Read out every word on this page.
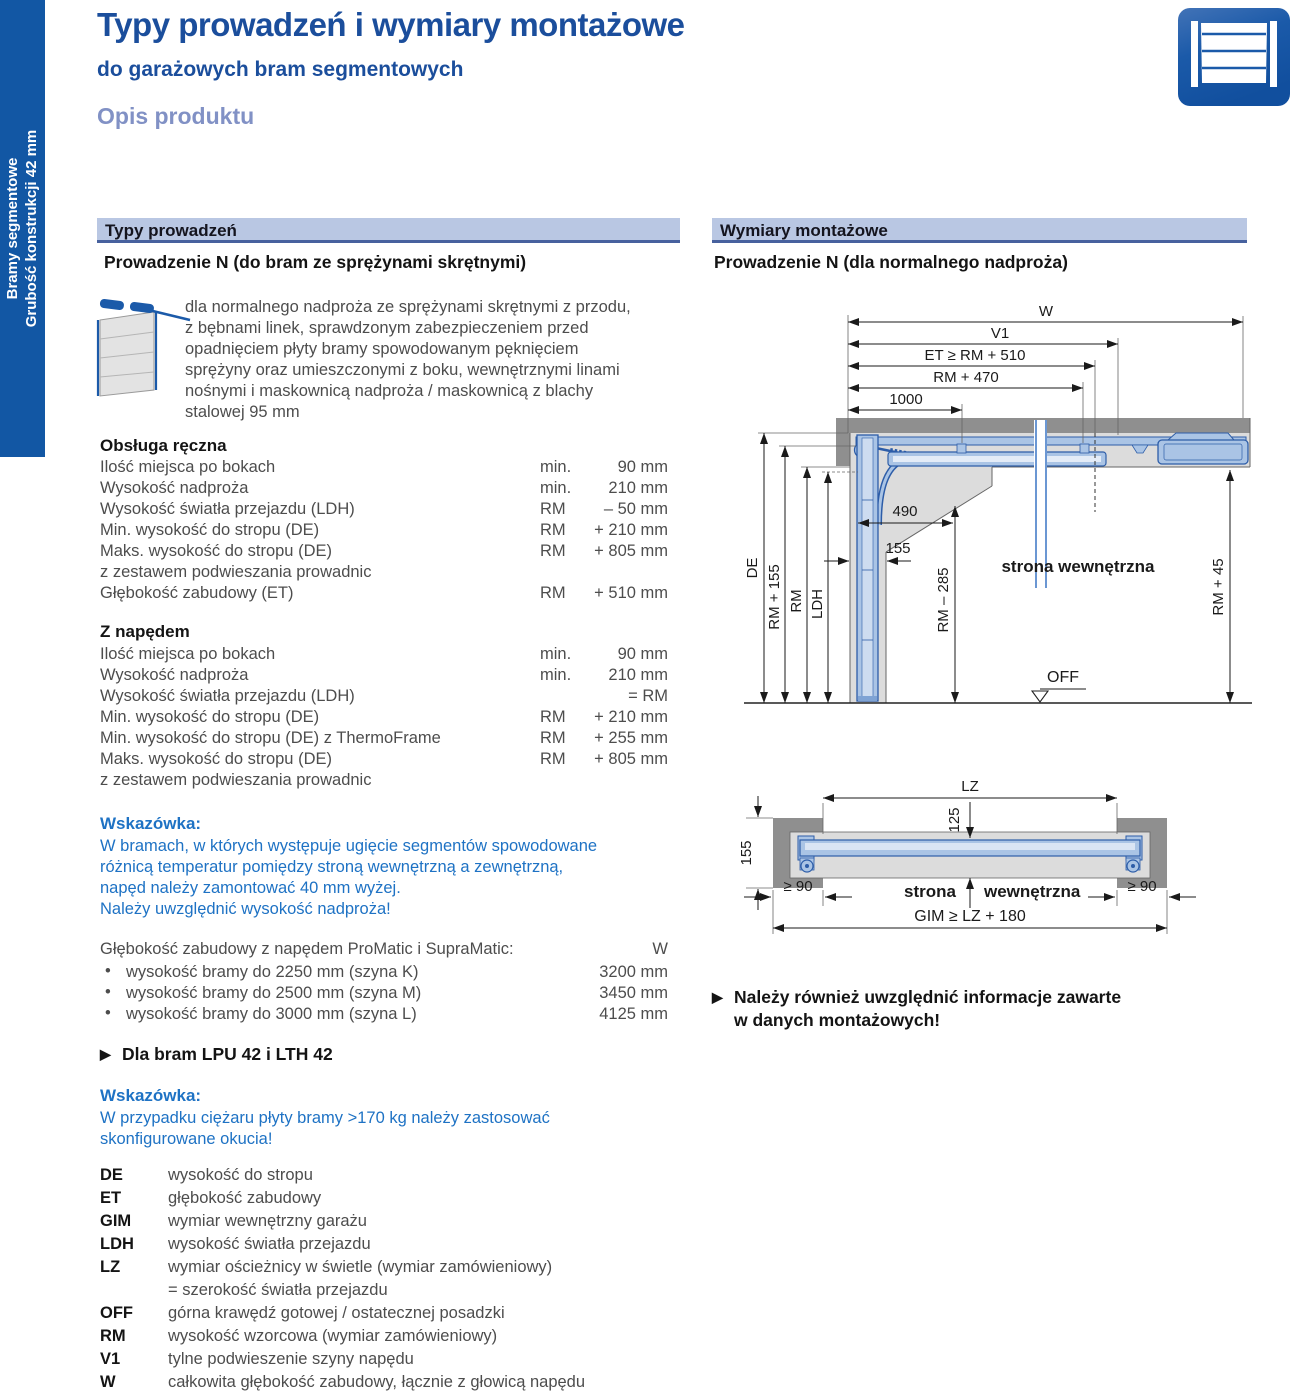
Bramy segmentowe Grubość konstrukcji 42 mm
Typy prowadzeń i wymiary montażowe
do garażowych bram segmentowych
Opis produktu
Typy prowadzeń
Prowadzenie N (do bram ze sprężynami skrętnymi)
dla normalnego nadproża ze sprężynami skrętnymi z przodu,
z bębnami linek, sprawdzonym zabezpieczeniem przed
opadnięciem płyty bramy spowodowanym pęknięciem
sprężyny oraz umieszczonymi z boku, wewnętrznymi linami
nośnymi i maskownicą nadproża / maskownicą z blachy
stalowej 95 mm
Obsługa ręczna
Ilość miejsca po bokach	min.	90 mm
Wysokość nadproża	min.	210 mm
Wysokość światła przejazdu (LDH)	RM	– 50 mm
Min. wysokość do stropu (DE)	RM	+ 210 mm
Maks. wysokość do stropu (DE)	RM	+ 805 mm
z zestawem podwieszania prowadnic
Głębokość zabudowy (ET)	RM	+ 510 mm
Z napędem
Ilość miejsca po bokach	min.	90 mm
Wysokość nadproża	min.	210 mm
Wysokość światła przejazdu (LDH)	= RM
Min. wysokość do stropu (DE)	RM	+ 210 mm
Min. wysokość do stropu (DE) z ThermoFrame	RM	+ 255 mm
Maks. wysokość do stropu (DE)	RM	+ 805 mm
z zestawem podwieszania prowadnic
Wskazówka:
W bramach, w których występuje ugięcie segmentów spowodowane
różnicą temperatur pomiędzy stroną wewnętrzną a zewnętrzną,
napęd należy zamontować 40 mm wyżej.
Należy uwzględnić wysokość nadproża!
Głębokość zabudowy z napędem ProMatic i SupraMatic:	W
• wysokość bramy do 2250 mm (szyna K)	3200 mm
• wysokość bramy do 2500 mm (szyna M)	3450 mm
• wysokość bramy do 3000 mm (szyna L)	4125 mm
▶ Dla bram LPU 42 i LTH 42
Wskazówka:
W przypadku ciężaru płyty bramy >170 kg należy zastosować
skonfigurowane okucia!
DE	wysokość do stropu
ET	głębokość zabudowy
GIM wymiar wewnętrzny garażu
LDH wysokość światła przejazdu
LZ	wymiar ościeżnicy w świetle (wymiar zamówieniowy)
= szerokość światła przejazdu
OFF górna krawędź gotowej / ostatecznej posadzki
RM	wysokość wzorcowa (wymiar zamówieniowy)
V1	tylne podwieszenie szyny napędu
W	całkowita głębokość zabudowy, łącznie z głowicą napędu
Wymiary montażowe
Prowadzenie N (dla normalnego nadproża)
W
V1
ET ≥ RM + 510
RM + 470
1000
490
155
DE RM + 155 RM LDH	RM – 285	RM + 45
strona wewnętrzna
OFF
LZ
125
155
≥ 90	≥ 90
strona wewnętrzna
GIM ≥ LZ + 180
▶ Należy również uwzględnić informacje zawarte
w danych montażowych!
